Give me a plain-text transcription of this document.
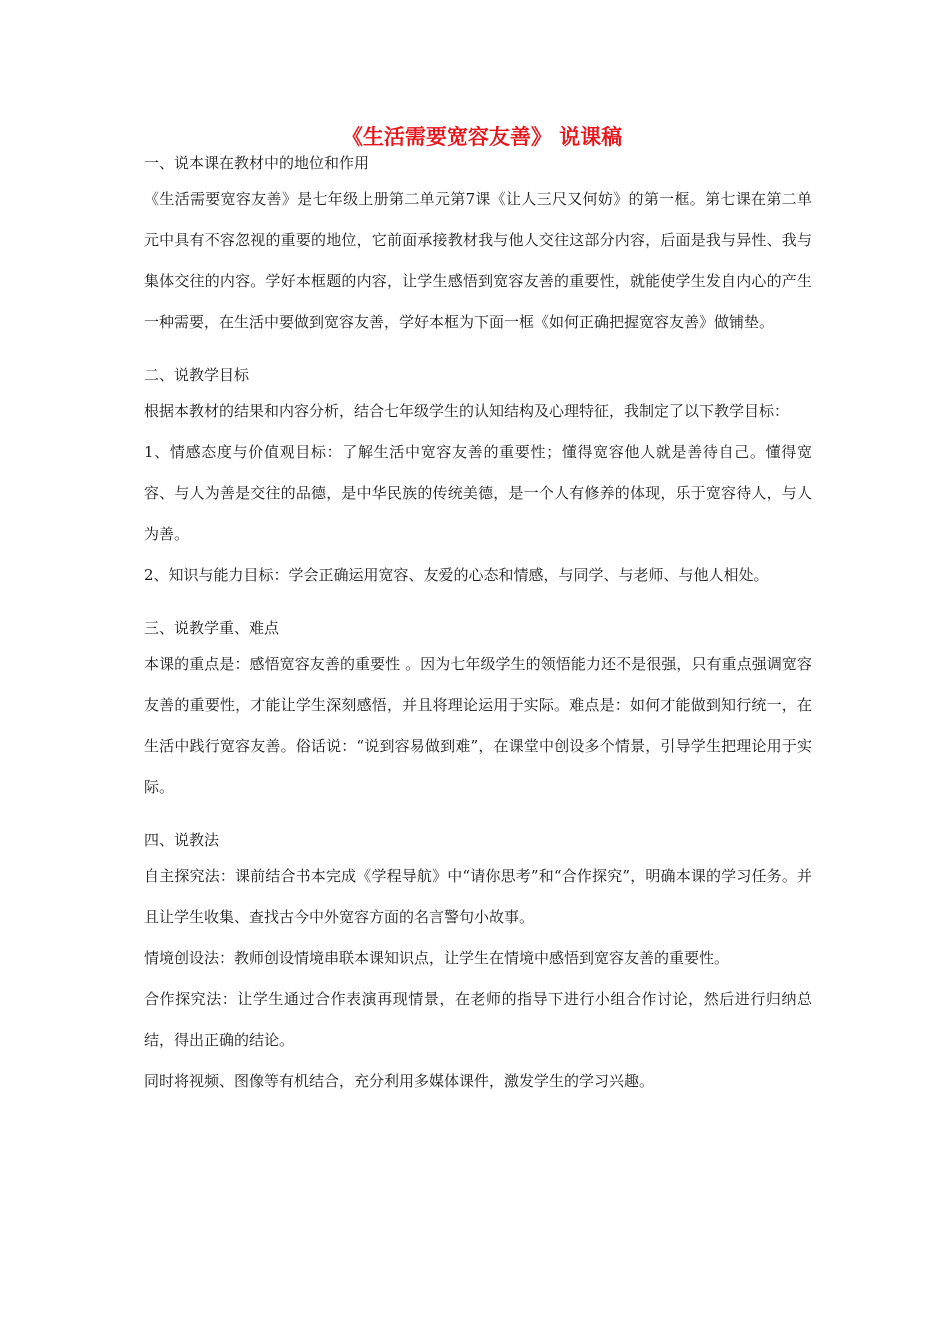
《生活需要宽容友善》 说课稿

一、说本课在教材中的地位和作用

《生活需要宽容友善》是七年级上册第二单元第7课《让人三尺又何妨》的第一框。第七课在第二单元中具有不容忽视的重要的地位，它前面承接教材我与他人交往这部分内容，后面是我与异性、我与集体交往的内容。学好本框题的内容，让学生感悟到宽容友善的重要性，就能使学生发自内心的产生一种需要，在生活中要做到宽容友善，学好本框为下面一框《如何正确把握宽容友善》做铺垫。

二、说教学目标

根据本教材的结果和内容分析，结合七年级学生的认知结构及心理特征，我制定了以下教学目标：

1、情感态度与价值观目标：了解生活中宽容友善的重要性；懂得宽容他人就是善待自己。懂得宽容、与人为善是交往的品德，是中华民族的传统美德，是一个人有修养的体现，乐于宽容待人，与人为善。

2、知识与能力目标：学会正确运用宽容、友爱的心态和情感，与同学、与老师、与他人相处。

三、说教学重、难点

本课的重点是：感悟宽容友善的重要性 。因为七年级学生的领悟能力还不是很强，只有重点强调宽容友善的重要性，才能让学生深刻感悟，并且将理论运用于实际。难点是：如何才能做到知行统一，在生活中践行宽容友善。俗话说：“说到容易做到难”，在课堂中创设多个情景，引导学生把理论用于实际。

四、说教法

自主探究法：课前结合书本完成《学程导航》中“请你思考”和“合作探究”，明确本课的学习任务。并且让学生收集、查找古今中外宽容方面的名言警句小故事。

情境创设法：教师创设情境串联本课知识点，让学生在情境中感悟到宽容友善的重要性。

合作探究法：让学生通过合作表演再现情景，在老师的指导下进行小组合作讨论，然后进行归纳总结，得出正确的结论。

同时将视频、图像等有机结合，充分利用多媒体课件，激发学生的学习兴趣。
